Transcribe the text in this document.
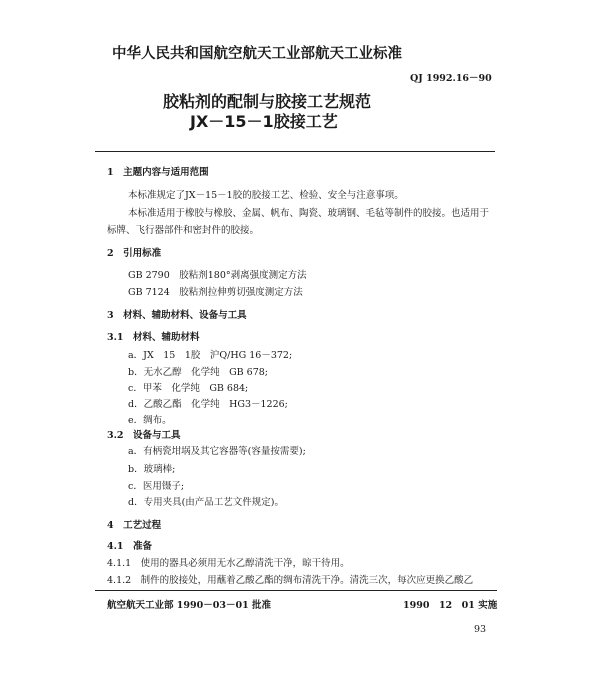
中华人民共和国航空航天工业部航天工业标准
QJ 1992.16－90
胶粘剂的配制与胶接工艺规范
JX－15－1胶接工艺
1　主题内容与适用范围
本标准规定了JX－15－1胶的胶接工艺、检验、安全与注意事项。
本标准适用于橡胶与橡胶、金属、帆布、陶瓷、玻璃钢、毛毡等制件的胶接。也适用于
标牌、飞行器部件和密封件的胶接。
2　引用标准
GB 2790　胶粘剂180°剥离强度测定方法
GB 7124　胶粘剂拉伸剪切强度测定方法
3　材料、辅助材料、设备与工具
3.1　材料、辅助材料
a．JX　15　1胶　沪Q/HG 16－372;
b．无水乙醇　化学纯　GB 678;
c．甲苯　化学纯　GB 684;
d．乙酸乙酯　化学纯　HG3－1226;
e．绸布。
3.2　设备与工具
a．有柄瓷坩埚及其它容器等(容量按需要);
b．玻璃棒;
c．医用镊子;
d．专用夹具(由产品工艺文件规定)。
4　工艺过程
4.1　准备
4.1.1　使用的器具必须用无水乙醇清洗干净，晾干待用。
4.1.2　制件的胶接处，用蘸着乙酸乙酯的绸布清洗干净。清洗三次，每次应更换乙酸乙
航空航天工业部 1990－03－01 批准	1990　12　01 实施
93
